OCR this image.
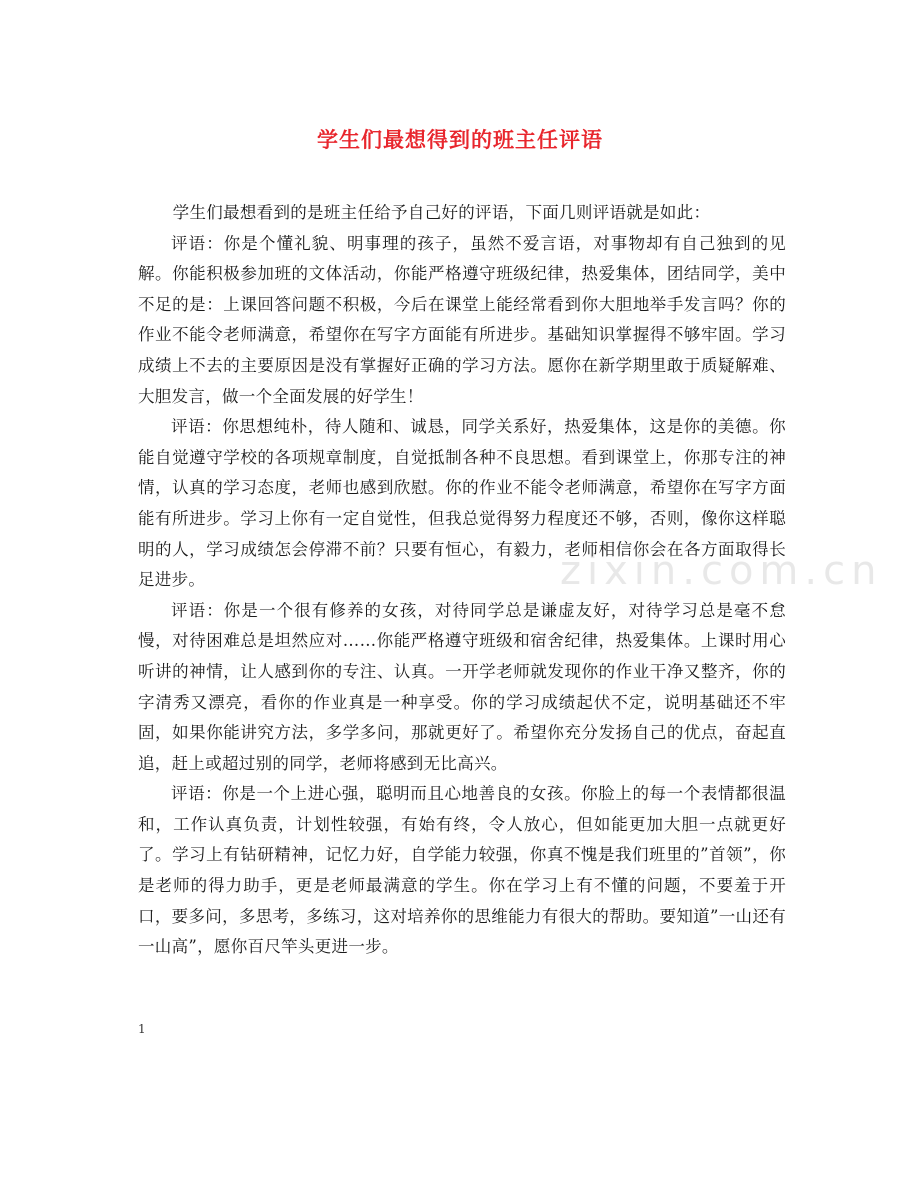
学生们最想得到的班主任评语

学生们最想看到的是班主任给予自己好的评语，下面几则评语就是如此：

评语：你是个懂礼貌、明事理的孩子，虽然不爱言语，对事物却有自己独到的见解。你能积极参加班的文体活动，你能严格遵守班级纪律，热爱集体，团结同学，美中不足的是：上课回答问题不积极，今后在课堂上能经常看到你大胆地举手发言吗？你的作业不能令老师满意，希望你在写字方面能有所进步。基础知识掌握得不够牢固。学习成绩上不去的主要原因是没有掌握好正确的学习方法。愿你在新学期里敢于质疑解难、大胆发言，做一个全面发展的好学生！

评语：你思想纯朴，待人随和、诚恳，同学关系好，热爱集体，这是你的美德。你能自觉遵守学校的各项规章制度，自觉抵制各种不良思想。看到课堂上，你那专注的神情，认真的学习态度，老师也感到欣慰。你的作业不能令老师满意，希望你在写字方面能有所进步。学习上你有一定自觉性，但我总觉得努力程度还不够，否则，像你这样聪明的人，学习成绩怎会停滞不前？只要有恒心，有毅力，老师相信你会在各方面取得长足进步。

评语：你是一个很有修养的女孩，对待同学总是谦虚友好，对待学习总是毫不怠慢，对待困难总是坦然应对……你能严格遵守班级和宿舍纪律，热爱集体。上课时用心听讲的神情，让人感到你的专注、认真。一开学老师就发现你的作业干净又整齐，你的字清秀又漂亮，看你的作业真是一种享受。你的学习成绩起伏不定，说明基础还不牢固，如果你能讲究方法，多学多问，那就更好了。希望你充分发扬自己的优点，奋起直追，赶上或超过别的同学，老师将感到无比高兴。

评语：你是一个上进心强，聪明而且心地善良的女孩。你脸上的每一个表情都很温和，工作认真负责，计划性较强，有始有终，令人放心，但如能更加大胆一点就更好了。学习上有钻研精神，记忆力好，自学能力较强，你真不愧是我们班里的”首领”，你是老师的得力助手，更是老师最满意的学生。你在学习上有不懂的问题，不要羞于开口，要多问，多思考，多练习，这对培养你的思维能力有很大的帮助。要知道”一山还有一山高”，愿你百尺竿头更进一步。

zixin.com.cn
1
